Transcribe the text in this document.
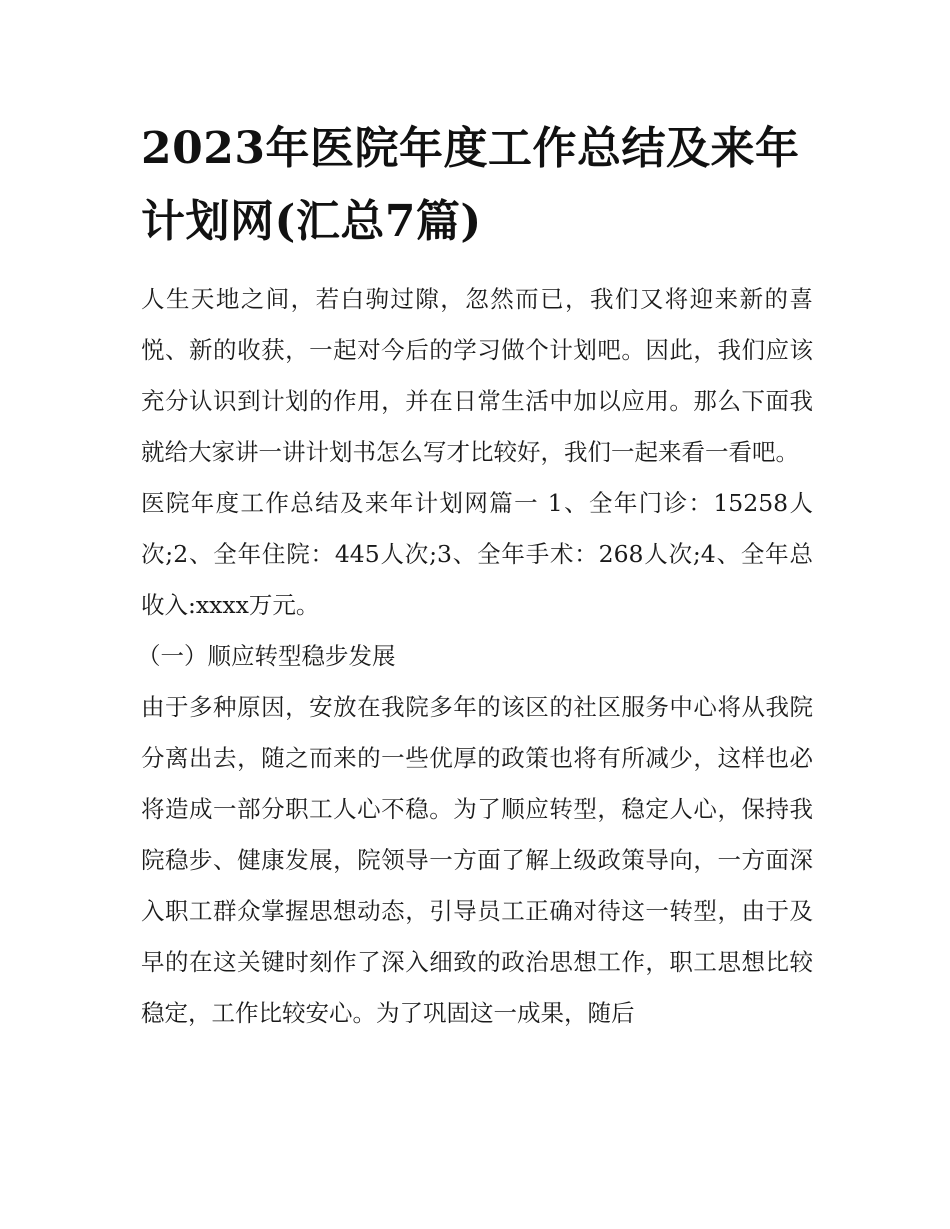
2023年医院年度工作总结及来年计划网(汇总7篇)

人生天地之间，若白驹过隙，忽然而已，我们又将迎来新的喜悦、新的收获，一起对今后的学习做个计划吧。因此，我们应该充分认识到计划的作用，并在日常生活中加以应用。那么下面我就给大家讲一讲计划书怎么写才比较好，我们一起来看一看吧。

医院年度工作总结及来年计划网篇一 1、全年门诊：15258人次;2、全年住院：445人次;3、全年手术：268人次;4、全年总收入:xxxx万元。

（一）顺应转型稳步发展

由于多种原因，安放在我院多年的该区的社区服务中心将从我院分离出去，随之而来的一些优厚的政策也将有所减少，这样也必将造成一部分职工人心不稳。为了顺应转型，稳定人心，保持我院稳步、健康发展，院领导一方面了解上级政策导向，一方面深入职工群众掌握思想动态，引导员工正确对待这一转型，由于及早的在这关键时刻作了深入细致的政治思想工作，职工思想比较稳定，工作比较安心。为了巩固这一成果，随后
